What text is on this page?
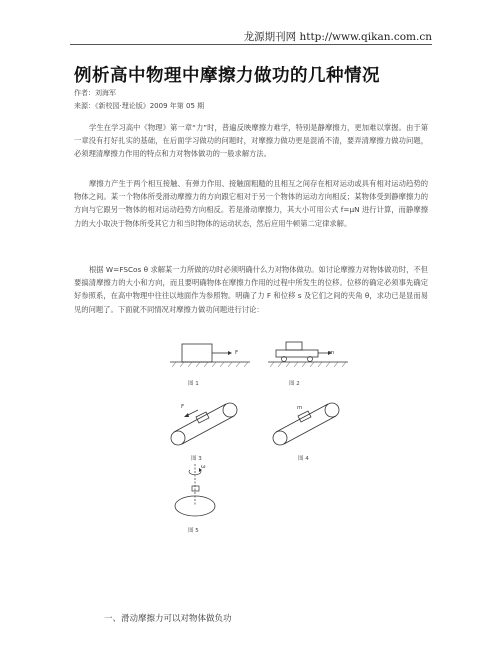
龙源期刊网 http://www.qikan.com.cn
例析高中物理中摩擦力做功的几种情况
作者：刘海军
来源：《新校园·理论版》2009 年第 05 期
学生在学习高中《物理》第一章“力”时，普遍反映摩擦力难学，特别是静摩擦力，更加难以掌握。由于第一章没有打好扎实的基础，在后面学习做功的问题时，对摩擦力做功更是混淆不清，要弄清摩擦力做功问题，必须理清摩擦力作用的特点和力对物体做功的一般求解方法。
摩擦力产生于两个相互接触、有弹力作用、接触面粗糙的且相互之间存在相对运动或具有相对运动趋势的物体之间。某一个物体所受滑动摩擦力的方向跟它相对于另一个物体的运动方向相反；某物体受到静摩擦力的方向与它跟另一物体的相对运动趋势方向相反。若是滑动摩擦力，其大小可用公式 f=μN 进行计算，而静摩擦力的大小取决于物体所受其它力和当时物体的运动状态，然后应用牛顿第二定律求解。
根据 W=FSCos θ 求解某一力所做的功时必须明确什么力对物体做功。如讨论摩擦力对物体做功时，不但要搞清摩擦力的大小和方向，而且要明确物体在摩擦力作用的过程中所发生的位移。位移的确定必须事先确定好参照系，在高中物理中往往以地面作为参照物。明确了力 F 和位移 s 及它们之间的夹角 θ，求功已是显而易见的问题了。下面就不同情况对摩擦力做功问题进行讨论：
F
图 1
m
图 2
F
图 3
m
图 4
ω
图 5
一、滑动摩擦力可以对物体做负功
